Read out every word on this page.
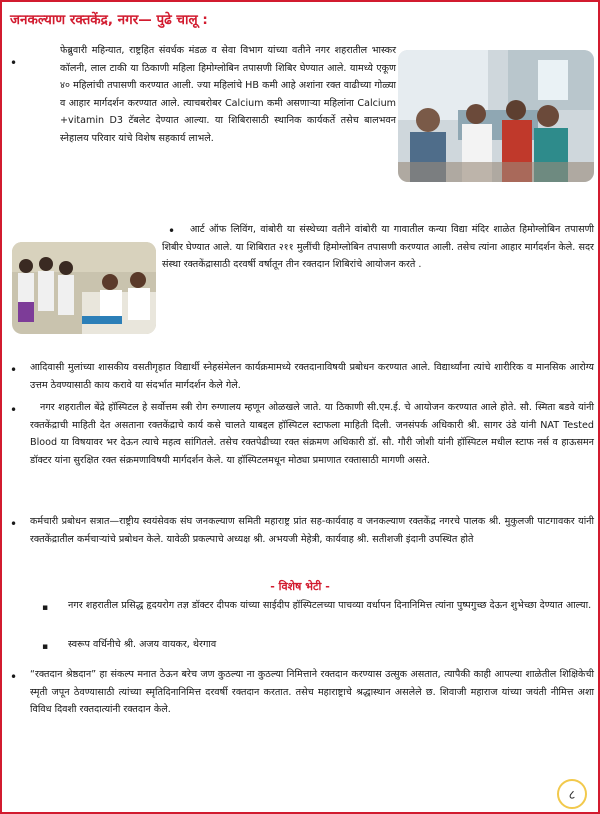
जनकल्याण रक्तकेंद्र, नगर— पुढे चालू :
•

फेब्रुवारी महिन्यात, राष्ट्रहित संवर्धक मंडळ व सेवा विभाग यांच्या वतीने नगर शहरातील भास्कर कॉलनी, लाल टाकी या ठिकाणी महिला हिमोग्लोबिन तपासणी शिबिर घेण्यात आले. यामध्ये एकूण ४० महिलांची तपासणी करण्यात आली. ज्या महिलांचे HB कमी आहे अशांना रक्त वाढीच्या गोळ्या व आहार मार्गदर्शन करण्यात आले. त्याचबरोबर Calcium कमी असणाऱ्या महिलांना Calcium +vitamin D3 टॅबलेट देण्यात आल्या. या शिबिरासाठी स्थानिक कार्यकर्ते तसेच बालभवन स्नेहालय परिवार यांचे विशेष सहकार्य लाभले.

•	आर्ट ऑफ लिविंग, वांबोरी या संस्थेच्या वतीने वांबोरी या गावातील कन्या विद्या मंदिर शाळेत हिमोग्लोबिन तपासणी शिबीर घेण्यात आले. या शिबिरात २११ मुलींची हिमोग्लोबिन तपासणी करण्यात आली. तसेच त्यांना आहार मार्गदर्शन केले. सदर संस्था रक्तकेंद्रासाठी दरवर्षी वर्षातून तीन रक्तदान शिबिरांचे आयोजन करते .

• आदिवासी मुलांच्या शासकीय वसतीगृहात विद्यार्थी स्नेहसंमेलन कार्यक्रमामध्ये रक्तदानाविषयी प्रबोधन करण्यात आले. विद्यार्थ्यांना त्यांचे शारीरिक व मानसिक आरोग्य उत्तम ठेवण्यासाठी काय करावे या संदर्भात मार्गदर्शन केले गेले.

•	नगर शहरातील बेंद्रे हॉस्पिटल हे सर्वोत्तम स्त्री रोग रुग्णालय म्हणून ओळखले जाते. या ठिकाणी सी.एम.ई. चे आयोजन करण्यात आले होते. सौ. स्मिता बडवे यांनी रक्तकेंद्राची माहिती देत असताना रक्तकेंद्राचे कार्य कसे चालते याबद्दल हॉस्पिटल स्टाफला माहिती दिली. जनसंपर्क अधिकारी श्री. सागर उंडे यांनी NAT Tested Blood या विषयावर भर देऊन त्याचे महत्व सांगितले. तसेच रक्तपेढीच्या रक्त संक्रमण अधिकारी डॉ. सौ. गौरी जोशी यांनी हॉस्पिटल मधील स्टाफ नर्स व हाऊसमन डॉक्टर यांना सुरक्षित रक्त संक्रमणाविषयी मार्गदर्शन केले. या हॉस्पिटलमधून मोठ्या प्रमाणात रक्तासाठी मागणी असते.

• कर्मचारी प्रबोधन सत्रात—राष्ट्रीय स्वयंसेवक संघ जनकल्याण समिती महाराष्ट्र प्रांत सह-कार्यवाह व जनकल्याण रक्तकेंद्र नगरचे पालक श्री. मुकुलजी पाटगावकर यांनी रक्तकेंद्रातील कर्मचाऱ्यांचे प्रबोधन केले. यावेळी प्रकल्पाचे अध्यक्ष श्री. अभयजी मेहेत्री, कार्यवाह श्री. सतीशजी इंदानी उपस्थित होते

- विशेष भेटी -
▪ नगर शहरातील प्रसिद्ध हृदयरोग तज्ञ डॉक्टर दीपक यांच्या साईदीप हॉस्पिटलच्या पाचव्या वर्धापन दिनानिमित्त त्यांना पुष्पगुच्छ देऊन शुभेच्छा देण्यात आल्या.

▪ स्वरूप वर्धिनीचे श्री. अजय वायकर, थेरगाव

• “रक्तदान श्रेष्ठदान” हा संकल्प मनात ठेऊन बरेच जण कुठल्या ना कुठल्या निमित्ताने रक्तदान करण्यास उत्सुक असतात, त्यापैकी काही आपल्या शाळेतील शिक्षिकेची स्मृती जपून ठेवण्यासाठी त्यांच्या स्मृतिदिनानिमित्त दरवर्षी रक्तदान करतात. तसेच महाराष्ट्राचे श्रद्धास्थान असलेले छ. शिवाजी महाराज यांच्या जयंती नीमित्त अशा विविध दिवशी रक्तदात्यांनी रक्तदान केले.

८
